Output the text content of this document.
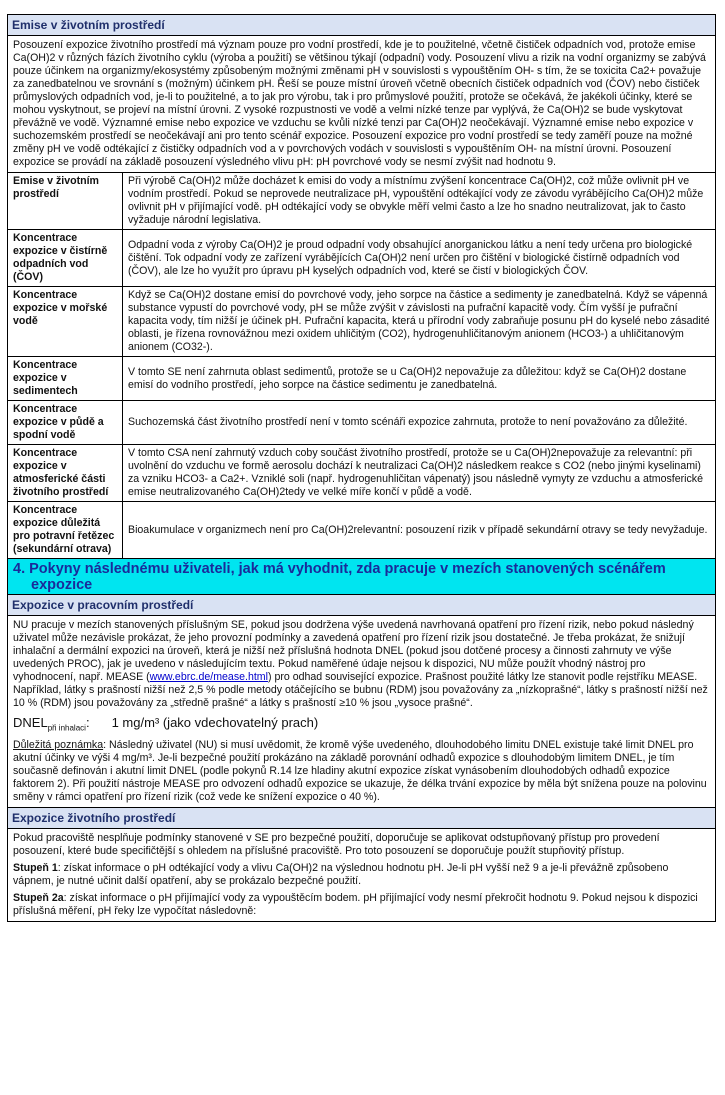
Emise v životním prostředí

Posouzení expozice životního prostředí má význam pouze pro vodní prostředí, kde je to použitelné, včetně čističek odpadních vod, protože emise Ca(OH)2 v různých fázích životního cyklu (výroba a použití) se většinou týkají (odpadní) vody. Posouzení vlivu a rizik na vodní organizmy se zabývá pouze účinkem na organizmy/ekosystémy způsobeným možnými změnami pH v souvislosti s vypouštěním OH- s tím, že se toxicita Ca2+ považuje za zanedbatelnou ve srovnání s (možným) účinkem pH. Řeší se pouze místní úroveň včetně obecních čističek odpadních vod (ČOV) nebo čističek průmyslových odpadních vod, je-li to použitelné, a to jak pro výrobu, tak i pro průmyslové použití, protože se očekává, že jakékoli účinky, které se mohou vyskytnout, se projeví na místní úrovni. Z vysoké rozpustnosti ve vodě a velmi nízké tenze par vyplývá, že Ca(OH)2 se bude vyskytovat převážně ve vodě. Významné emise nebo expozice ve vzduchu se kvůli nízké tenzi par Ca(OH)2 neočekávají. Významné emise nebo expozice v suchozemském prostředí se neočekávají ani pro tento scénář expozice. Posouzení expozice pro vodní prostředí se tedy zaměří pouze na možné změny pH ve vodě odtékající z čističky odpadních vod a v povrchových vodách v souvislosti s vypouštěním OH- na místní úrovni. Posouzení expozice se provádí na základě posouzení výsledného vlivu pH: pH povrchové vody se nesmí zvýšit nad hodnotu 9.

Emise v životním prostředí	Při výrobě Ca(OH)2 může docházet k emisi do vody a místnímu zvýšení koncentrace Ca(OH)2, což může ovlivnit pH ve vodním prostředí. Pokud se neprovede neutralizace pH, vypouštění odtékající vody ze závodu vyrábějícího Ca(OH)2 může ovlivnit pH v přijímající vodě. pH odtékající vody se obvykle měří velmi často a lze ho snadno neutralizovat, jak to často vyžaduje národní legislativa.
Koncentrace expozice v čistírně odpadních vod (ČOV)	Odpadní voda z výroby Ca(OH)2 je proud odpadní vody obsahující anorganickou látku a není tedy určena pro biologické čištění. Tok odpadní vody ze zařízení vyrábějících Ca(OH)2 není určen pro čištění v biologické čistírně odpadních vod (ČOV), ale lze ho využít pro úpravu pH kyselých odpadních vod, které se čistí v biologických ČOV.
Koncentrace expozice v mořské vodě	Když se Ca(OH)2 dostane emisí do povrchové vody, jeho sorpce na částice a sedimenty je zanedbatelná. Když se vápenná substance vypustí do povrchové vody, pH se může zvýšit v závislosti na pufrační kapacitě vody. Čím vyšší je pufrační kapacita vody, tím nižší je účinek pH. Pufrační kapacita, která u přírodní vody zabraňuje posunu pH do kyselé nebo zásadité oblasti, je řízena rovnovážnou mezi oxidem uhličitým (CO2), hydrogenuhličitanovým anionem (HCO3-) a uhličitanovým anionem (CO32-).
Koncentrace expozice v sedimentech	V tomto SE není zahrnuta oblast sedimentů, protože se u Ca(OH)2 nepovažuje za důležitou: když se Ca(OH)2 dostane emisí do vodního prostředí, jeho sorpce na částice sedimentu je zanedbatelná.
Koncentrace expozice v půdě a spodní vodě	Suchozemská část životního prostředí není v tomto scénáři expozice zahrnuta, protože to není považováno za důležité.
Koncentrace expozice v atmosferické části životního prostředí	V tomto CSA není zahrnutý vzduch coby součást životního prostředí, protože se u Ca(OH)2nepovažuje za relevantní: při uvolnění do vzduchu ve formě aerosolu dochází k neutralizaci Ca(OH)2 následkem reakce s CO2 (nebo jinými kyselinami) za vzniku HCO3- a Ca2+. Vzniklé soli (např. hydrogenuhličitan vápenatý) jsou následně vymyty ze vzduchu a atmosferické emise neutralizovaného Ca(OH)2tedy ve velké míře končí v půdě a vodě.
Koncentrace expozice důležitá pro potravní řetězec (sekundární otrava)	Bioakumulace v organizmech není pro Ca(OH)2relevantní: posouzení rizik v případě sekundární otravy se tedy nevyžaduje.
4. Pokyny následnému uživateli, jak má vyhodnit, zda pracuje v mezích stanovených scénářem
expozice
Expozice v pracovním prostředí

NU pracuje v mezích stanovených příslušným SE, pokud jsou dodržena výše uvedená navrhovaná opatření pro řízení rizik, nebo pokud následný uživatel může nezávisle prokázat, že jeho provozní podmínky a zavedená opatření pro řízení rizik jsou dostatečné. Je třeba prokázat, že snižují inhalační a dermální expozici na úroveň, která je nižší než příslušná hodnota DNEL (pokud jsou dotčené procesy a činnosti zahrnuty ve výše uvedených PROC), jak je uvedeno v následujícím textu. Pokud naměřené údaje nejsou k dispozici, NU může použít vhodný nástroj pro vyhodnocení, např. MEASE (www.ebrc.de/mease.html) pro odhad související expozice. Prašnost použité látky lze stanovit podle rejstříku MEASE. Například, látky s prašností nižší než 2,5 % podle metody otáčejícího se bubnu (RDM) jsou považovány za „nízkoprašné“, látky s prašností nižší než 10 % (RDM) jsou považovány za „středně prašné“ a látky s prašností ≥10 % jsou „vysoce prašné“.

$DNEL_{při inhalaci}$: 1 mg/m³ (jako vdechovatelný prach)

Důležitá poznámka: Následný uživatel (NU) si musí uvědomit, že kromě výše uvedeného, dlouhodobého limitu DNEL existuje také limit DNEL pro akutní účinky ve výši 4 mg/m³. Je-li bezpečné použití prokázáno na základě porovnání odhadů expozice s dlouhodobým limitem DNEL, je tím současně definován i akutní limit DNEL (podle pokynů R.14 lze hladiny akutní expozice získat vynásobením dlouhodobých odhadů expozice faktorem 2). Při použití nástroje MEASE pro odvození odhadů expozice se ukazuje, že délka trvání expozice by měla být snížena pouze na polovinu směny v rámci opatření pro řízení rizik (což vede ke snížení expozice o 40 %).

Expozice životního prostředí

Pokud pracoviště nesplňuje podmínky stanovené v SE pro bezpečné použití, doporučuje se aplikovat odstupňovaný přístup pro provedení posouzení, které bude specifičtější s ohledem na příslušné pracoviště. Pro toto posouzení se doporučuje použít stupňovitý přístup.

Stupeň 1: získat informace o pH odtékající vody a vlivu Ca(OH)2 na výslednou hodnotu pH. Je-li pH vyšší než 9 a je-li převážně způsobeno vápnem, je nutné učinit další opatření, aby se prokázalo bezpečné použití.

Stupeň 2a: získat informace o pH přijímající vody za vypouštěcím bodem. pH přijímající vody nesmí překročit hodnotu 9. Pokud nejsou k dispozici příslušná měření, pH řeky lze vypočítat následovně:
